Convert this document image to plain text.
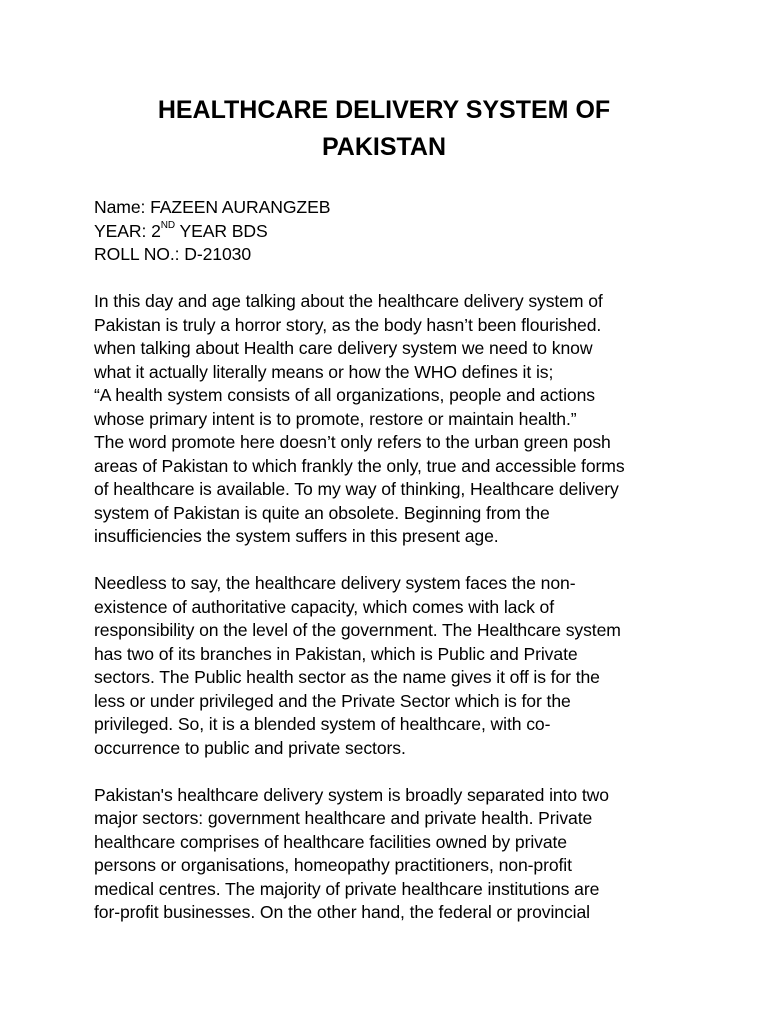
HEALTHCARE DELIVERY SYSTEM OF
PAKISTAN
Name: FAZEEN AURANGZEB
YEAR: 2ND YEAR BDS
ROLL NO.: D-21030
In this day and age talking about the healthcare delivery system of
Pakistan is truly a horror story, as the body hasn’t been flourished.
when talking about Health care delivery system we need to know
what it actually literally means or how the WHO defines it is;
“A health system consists of all organizations, people and actions
whose primary intent is to promote, restore or maintain health.”
The word promote here doesn’t only refers to the urban green posh
areas of Pakistan to which frankly the only, true and accessible forms
of healthcare is available. To my way of thinking, Healthcare delivery
system of Pakistan is quite an obsolete. Beginning from the
insufficiencies the system suffers in this present age.
Needless to say, the healthcare delivery system faces the non-
existence of authoritative capacity, which comes with lack of
responsibility on the level of the government. The Healthcare system
has two of its branches in Pakistan, which is Public and Private
sectors. The Public health sector as the name gives it off is for the
less or under privileged and the Private Sector which is for the
privileged. So, it is a blended system of healthcare, with co-
occurrence to public and private sectors.
Pakistan's healthcare delivery system is broadly separated into two
major sectors: government healthcare and private health. Private
healthcare comprises of healthcare facilities owned by private
persons or organisations, homeopathy practitioners, non-profit
medical centres. The majority of private healthcare institutions are
for-profit businesses. On the other hand, the federal or provincial
